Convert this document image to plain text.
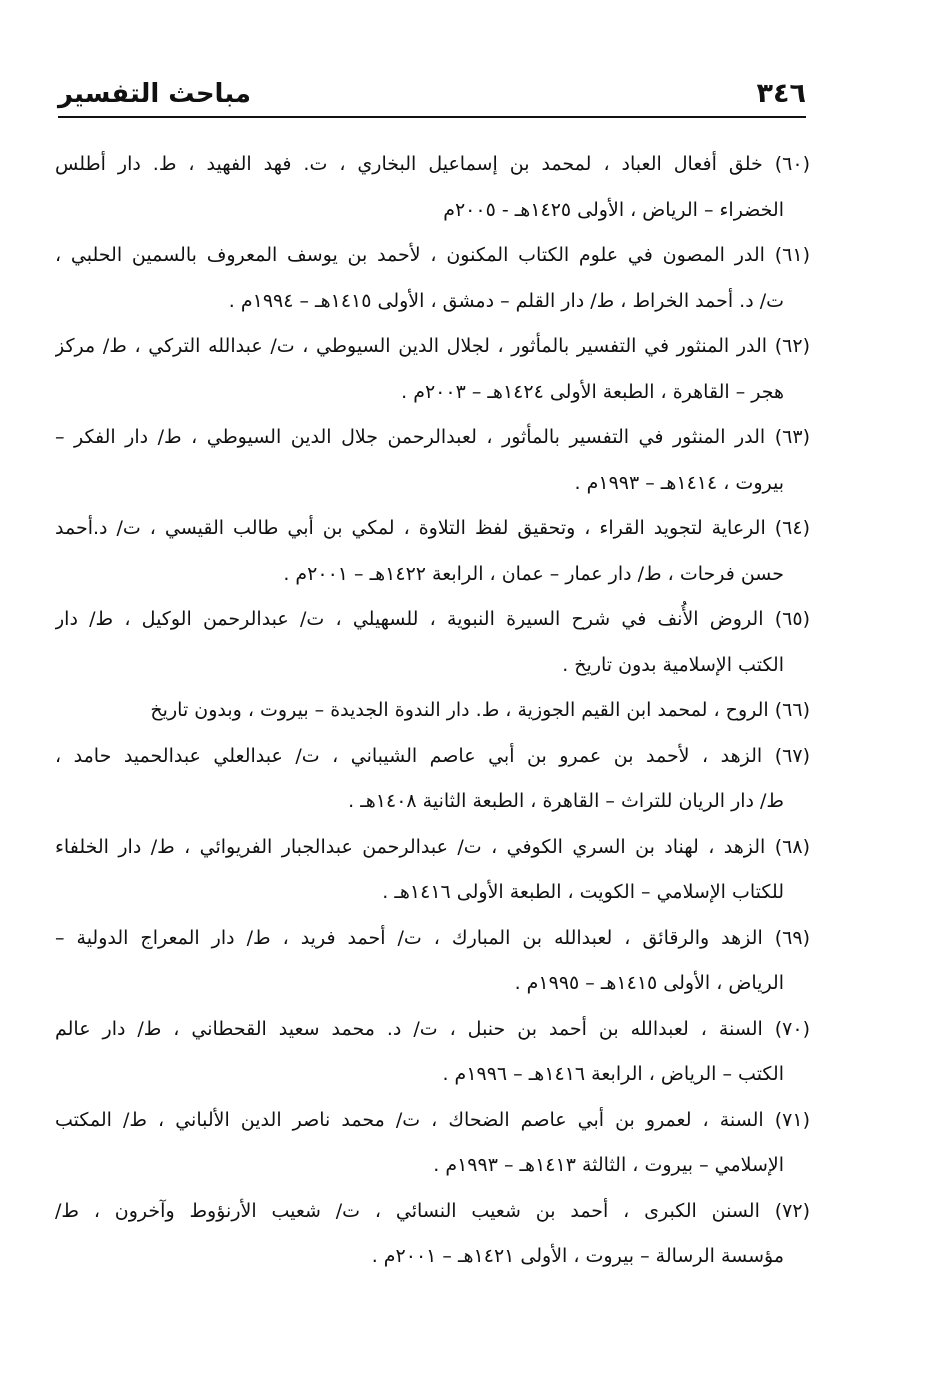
٣٤٦
مباحث التفسير
(٦٠) خلق أفعال العباد ، لمحمد بن إسماعيل البخاري ، ت. فهد الفهيد ، ط. دار أطلس
الخضراء – الرياض ، الأولى ١٤٢٥هـ - ٢٠٠٥م
(٦١) الدر المصون في علوم الكتاب المكنون ، لأحمد بن يوسف المعروف بالسمين الحلبي ،
ت/ د. أحمد الخراط ، ط/ دار القلم – دمشق ، الأولى ١٤١٥هـ – ١٩٩٤م .
(٦٢) الدر المنثور في التفسير بالمأثور ، لجلال الدين السيوطي ، ت/ عبدالله التركي ، ط/ مركز
هجر – القاهرة ، الطبعة الأولى ١٤٢٤هـ – ٢٠٠٣م .
(٦٣) الدر المنثور في التفسير بالمأثور ، لعبدالرحمن جلال الدين السيوطي ، ط/ دار الفكر –
بيروت ، ١٤١٤هـ – ١٩٩٣م .
(٦٤) الرعاية لتجويد القراء ، وتحقيق لفظ التلاوة ، لمكي بن أبي طالب القيسي ، ت/ د.أحمد
حسن فرحات ، ط/ دار عمار – عمان ، الرابعة ١٤٢٢هـ – ٢٠٠١م .
(٦٥) الروض الأُنف في شرح السيرة النبوية ، للسهيلي ، ت/ عبدالرحمن الوكيل ، ط/ دار
الكتب الإسلامية بدون تاريخ .
(٦٦) الروح ، لمحمد ابن القيم الجوزية ، ط. دار الندوة الجديدة – بيروت ، وبدون تاريخ
(٦٧) الزهد ، لأحمد بن عمرو بن أبي عاصم الشيباني ، ت/ عبدالعلي عبدالحميد حامد ،
ط/ دار الريان للتراث – القاهرة ، الطبعة الثانية ١٤٠٨هـ .
(٦٨) الزهد ، لهناد بن السري الكوفي ، ت/ عبدالرحمن عبدالجبار الفريوائي ، ط/ دار الخلفاء
للكتاب الإسلامي – الكويت ، الطبعة الأولى ١٤١٦هـ .
(٦٩) الزهد والرقائق ، لعبدالله بن المبارك ، ت/ أحمد فريد ، ط/ دار المعراج الدولية –
الرياض ، الأولى ١٤١٥هـ – ١٩٩٥م .
(٧٠) السنة ، لعبدالله بن أحمد بن حنبل ، ت/ د. محمد سعيد القحطاني ، ط/ دار عالم
الكتب – الرياض ، الرابعة ١٤١٦هـ – ١٩٩٦م .
(٧١) السنة ، لعمرو بن أبي عاصم الضحاك ، ت/ محمد ناصر الدين الألباني ، ط/ المكتب
الإسلامي – بيروت ، الثالثة ١٤١٣هـ – ١٩٩٣م .
(٧٢) السنن الكبرى ، أحمد بن شعيب النسائي ، ت/ شعيب الأرنؤوط وآخرون ، ط/
مؤسسة الرسالة – بيروت ، الأولى ١٤٢١هـ – ٢٠٠١م .
